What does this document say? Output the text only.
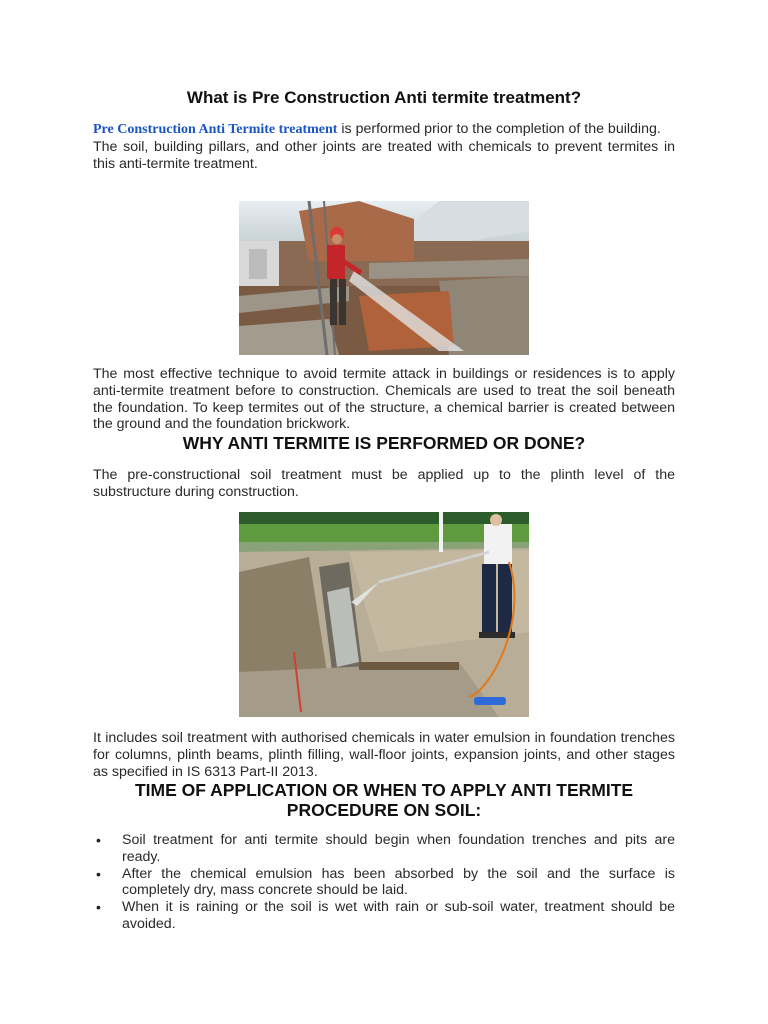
What is Pre Construction Anti termite treatment?
Pre Construction Anti Termite treatment is performed prior to the completion of the building.
The soil, building pillars, and other joints are treated with chemicals to prevent termites in this anti-termite treatment.
The most effective technique to avoid termite attack in buildings or residences is to apply anti-termite treatment before to construction. Chemicals are used to treat the soil beneath the foundation. To keep termites out of the structure, a chemical barrier is created between the ground and the foundation brickwork.
WHY ANTI TERMITE IS PERFORMED OR DONE?
The pre-constructional soil treatment must be applied up to the plinth level of the substructure during construction.
It includes soil treatment with authorised chemicals in water emulsion in foundation trenches for columns, plinth beams, plinth filling, wall-floor joints, expansion joints, and other stages as specified in IS 6313 Part-II 2013.
TIME OF APPLICATION OR WHEN TO APPLY ANTI TERMITE PROCEDURE ON SOIL:
• Soil treatment for anti termite should begin when foundation trenches and pits are ready.
• After the chemical emulsion has been absorbed by the soil and the surface is completely dry, mass concrete should be laid.
• When it is raining or the soil is wet with rain or sub-soil water, treatment should be avoided.
